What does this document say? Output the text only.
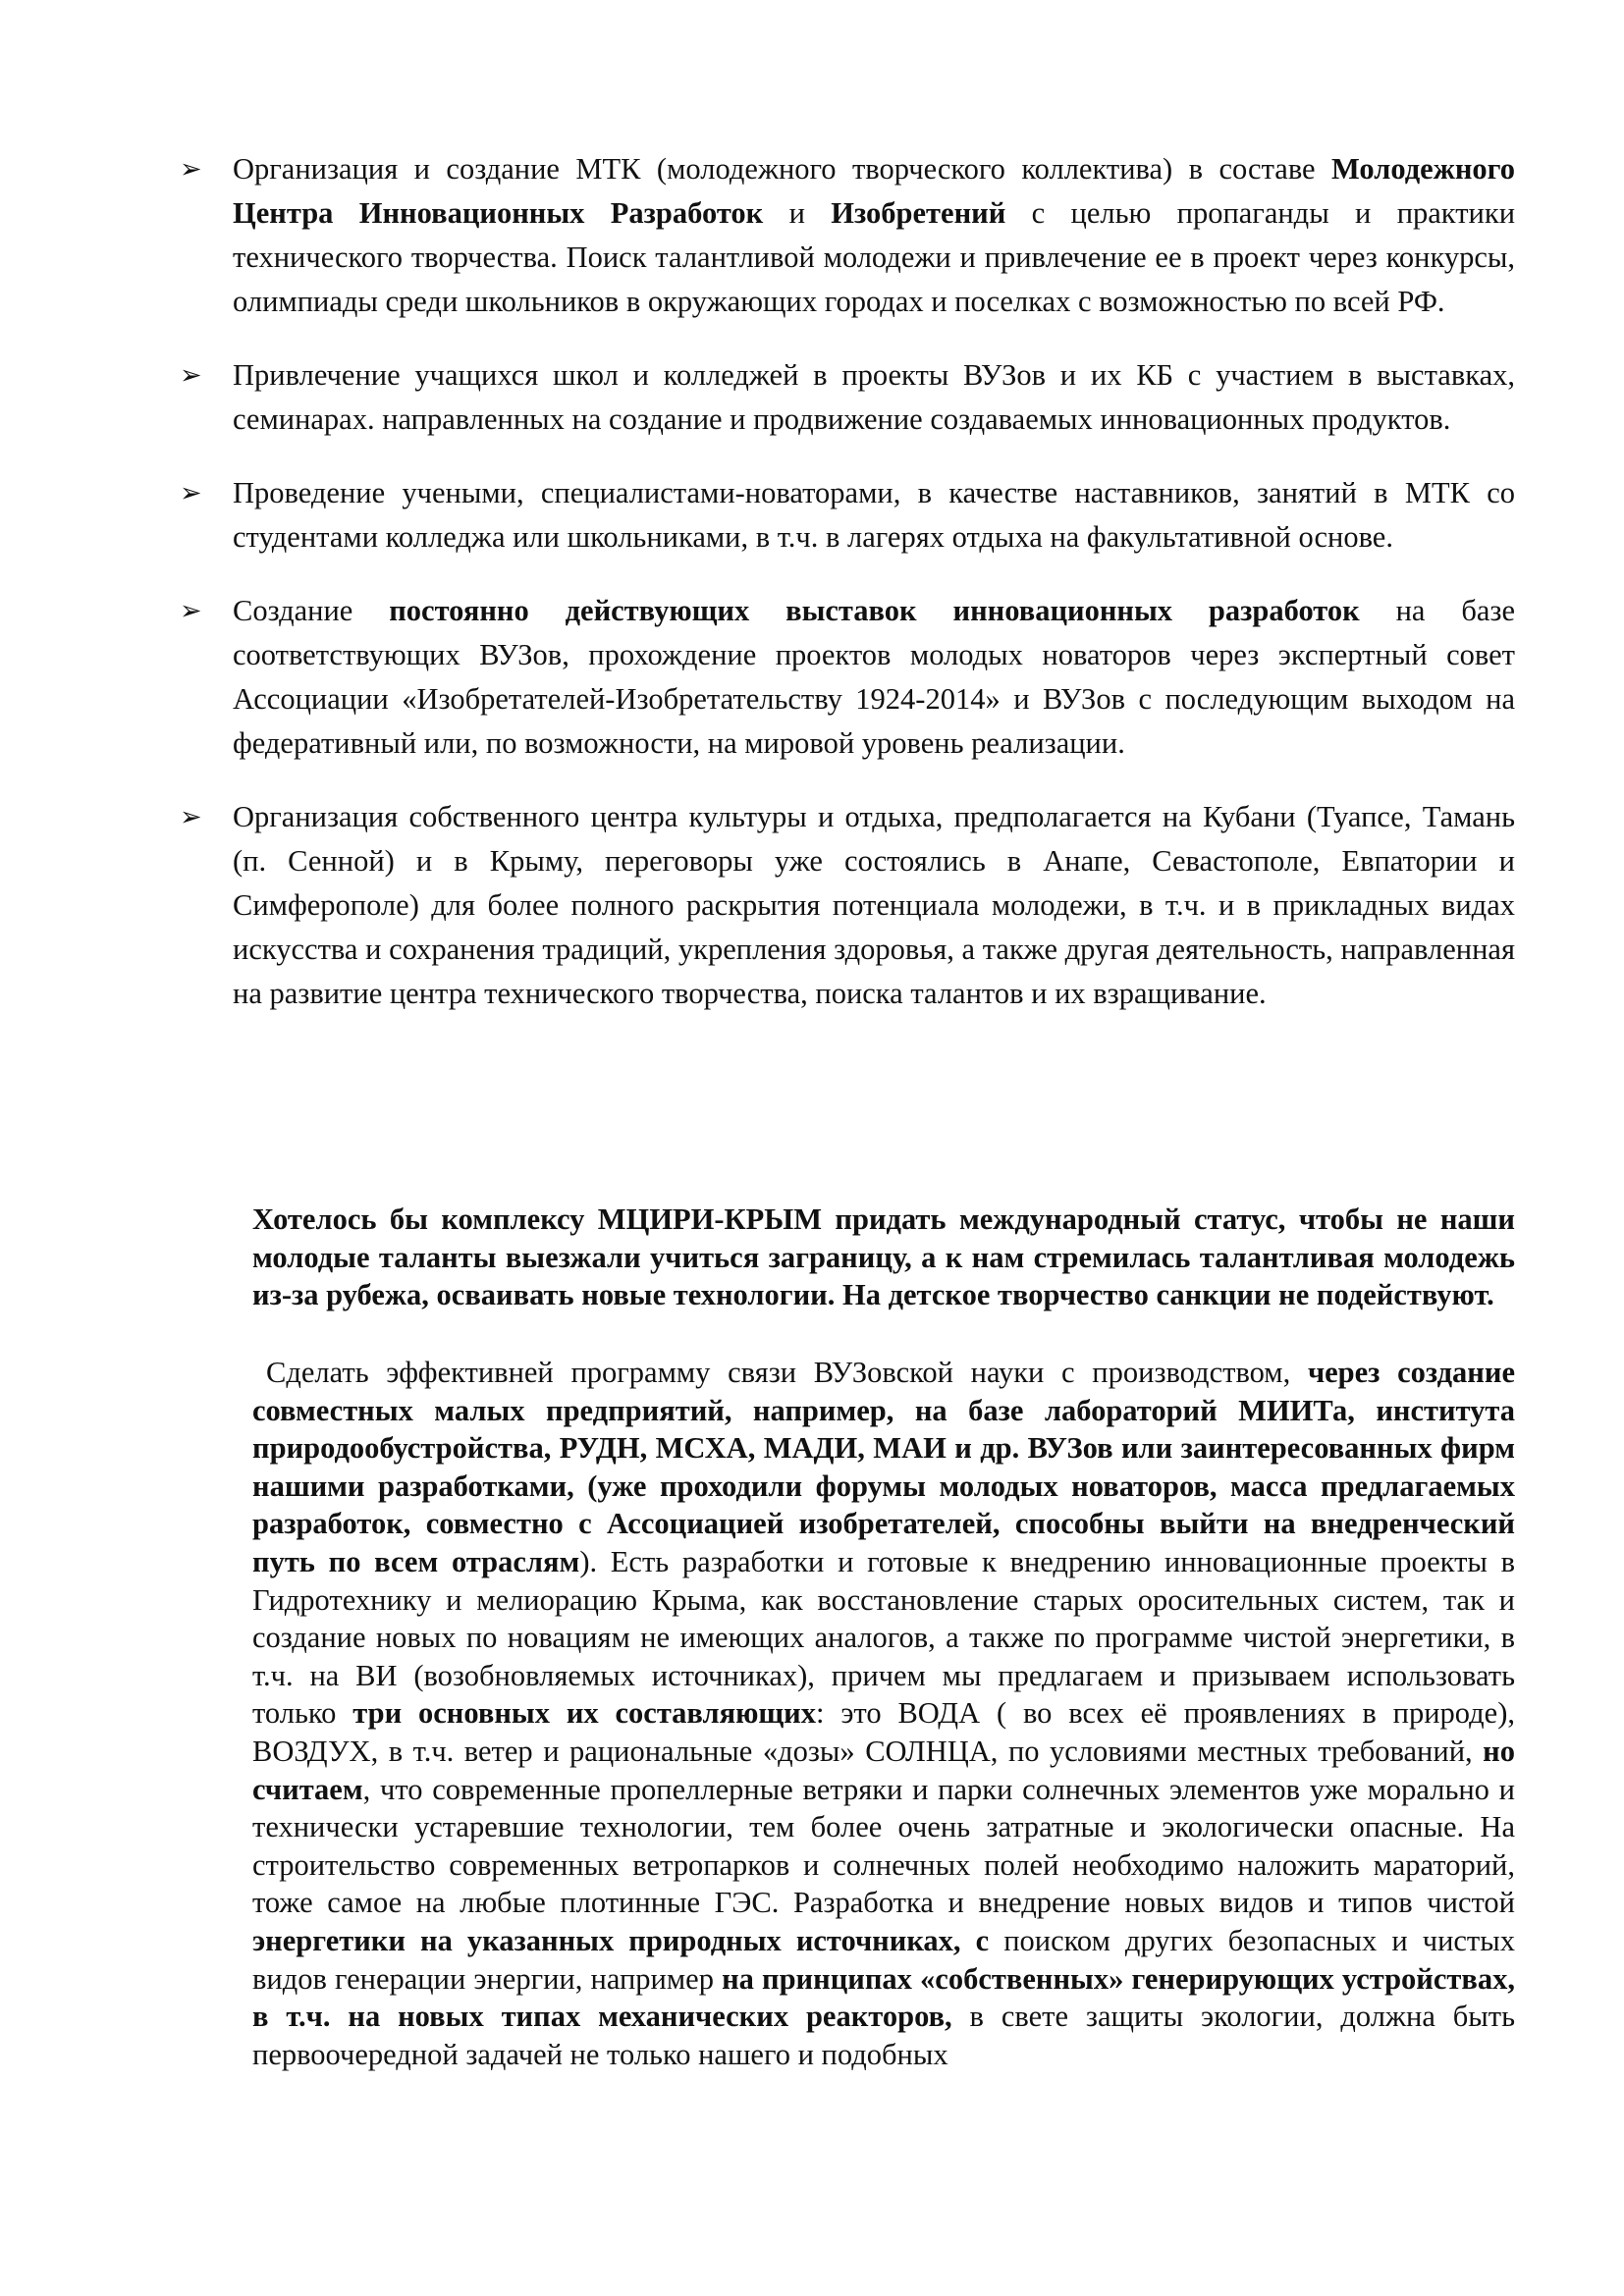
➢ Организация и создание МТК (молодежного творческого коллектива) в составе Молодежного Центра Инновационных Разработок и Изобретений с целью пропаганды и практики технического творчества. Поиск талантливой молодежи и привлечение ее в проект через конкурсы, олимпиады среди школьников в окружающих городах и поселках с возможностью по всей РФ.
➢ Привлечение учащихся школ и колледжей в проекты ВУЗов и их КБ с участием в выставках, семинарах. направленных на создание и продвижение создаваемых инновационных продуктов.
➢ Проведение учеными, специалистами-новаторами, в качестве наставников, занятий в МТК со студентами колледжа или школьниками, в т.ч. в лагерях отдыха на факультативной основе.
➢ Создание постоянно действующих выставок инновационных разработок на базе соответствующих ВУЗов, прохождение проектов молодых новаторов через экспертный совет Ассоциации «Изобретателей-Изобретательству 1924-2014» и ВУЗов с последующим выходом на федеративный или, по возможности, на мировой уровень реализации.
➢ Организация собственного центра культуры и отдыха, предполагается на Кубани (Туапсе, Тамань (п. Сенной) и в Крыму, переговоры уже состоялись в Анапе, Севастополе, Евпатории и Симферополе) для более полного раскрытия потенциала молодежи, в т.ч. и в прикладных видах искусства и сохранения традиций, укрепления здоровья, а также другая деятельность, направленная на развитие центра технического творчества, поиска талантов и их взращивание.

Хотелось бы комплексу МЦИРИ-КРЫМ придать международный статус, чтобы не наши молодые таланты выезжали учиться заграницу, а к нам стремилась талантливая молодежь из-за рубежа, осваивать новые технологии. На детское творчество санкции не подействуют.

Сделать эффективней программу связи ВУЗовской науки с производством, через создание совместных малых предприятий, например, на базе лабораторий МИИТа, института природообустройства, РУДН, МСХА, МАДИ, МАИ и др. ВУЗов или заинтересованных фирм нашими разработками, (уже проходили форумы молодых новаторов, масса предлагаемых разработок, совместно с Ассоциацией изобретателей, способны выйти на внедренческий путь по всем отраслям). Есть разработки и готовые к внедрению инновационные проекты в Гидротехнику и мелиорацию Крыма, как восстановление старых оросительных систем, так и создание новых по новациям не имеющих аналогов, а также по программе чистой энергетики, в т.ч. на ВИ (возобновляемых источниках), причем мы предлагаем и призываем использовать только три основных их составляющих: это ВОДА ( во всех её проявлениях в природе), ВОЗДУХ, в т.ч. ветер и рациональные «дозы» СОЛНЦА, по условиями местных требований, но считаем, что современные пропеллерные ветряки и парки солнечных элементов уже морально и технически устаревшие технологии, тем более очень затратные и экологически опасные. На строительство современных ветропарков и солнечных полей необходимо наложить мараторий, тоже самое на любые плотинные ГЭС. Разработка и внедрение новых видов и типов чистой энергетики на указанных природных источниках, с поиском других безопасных и чистых видов генерации энергии, например на принципах «собственных» генерирующих устройствах, в т.ч. на новых типах механических реакторов, в свете защиты экологии, должна быть первоочередной задачей не только нашего и подобных
